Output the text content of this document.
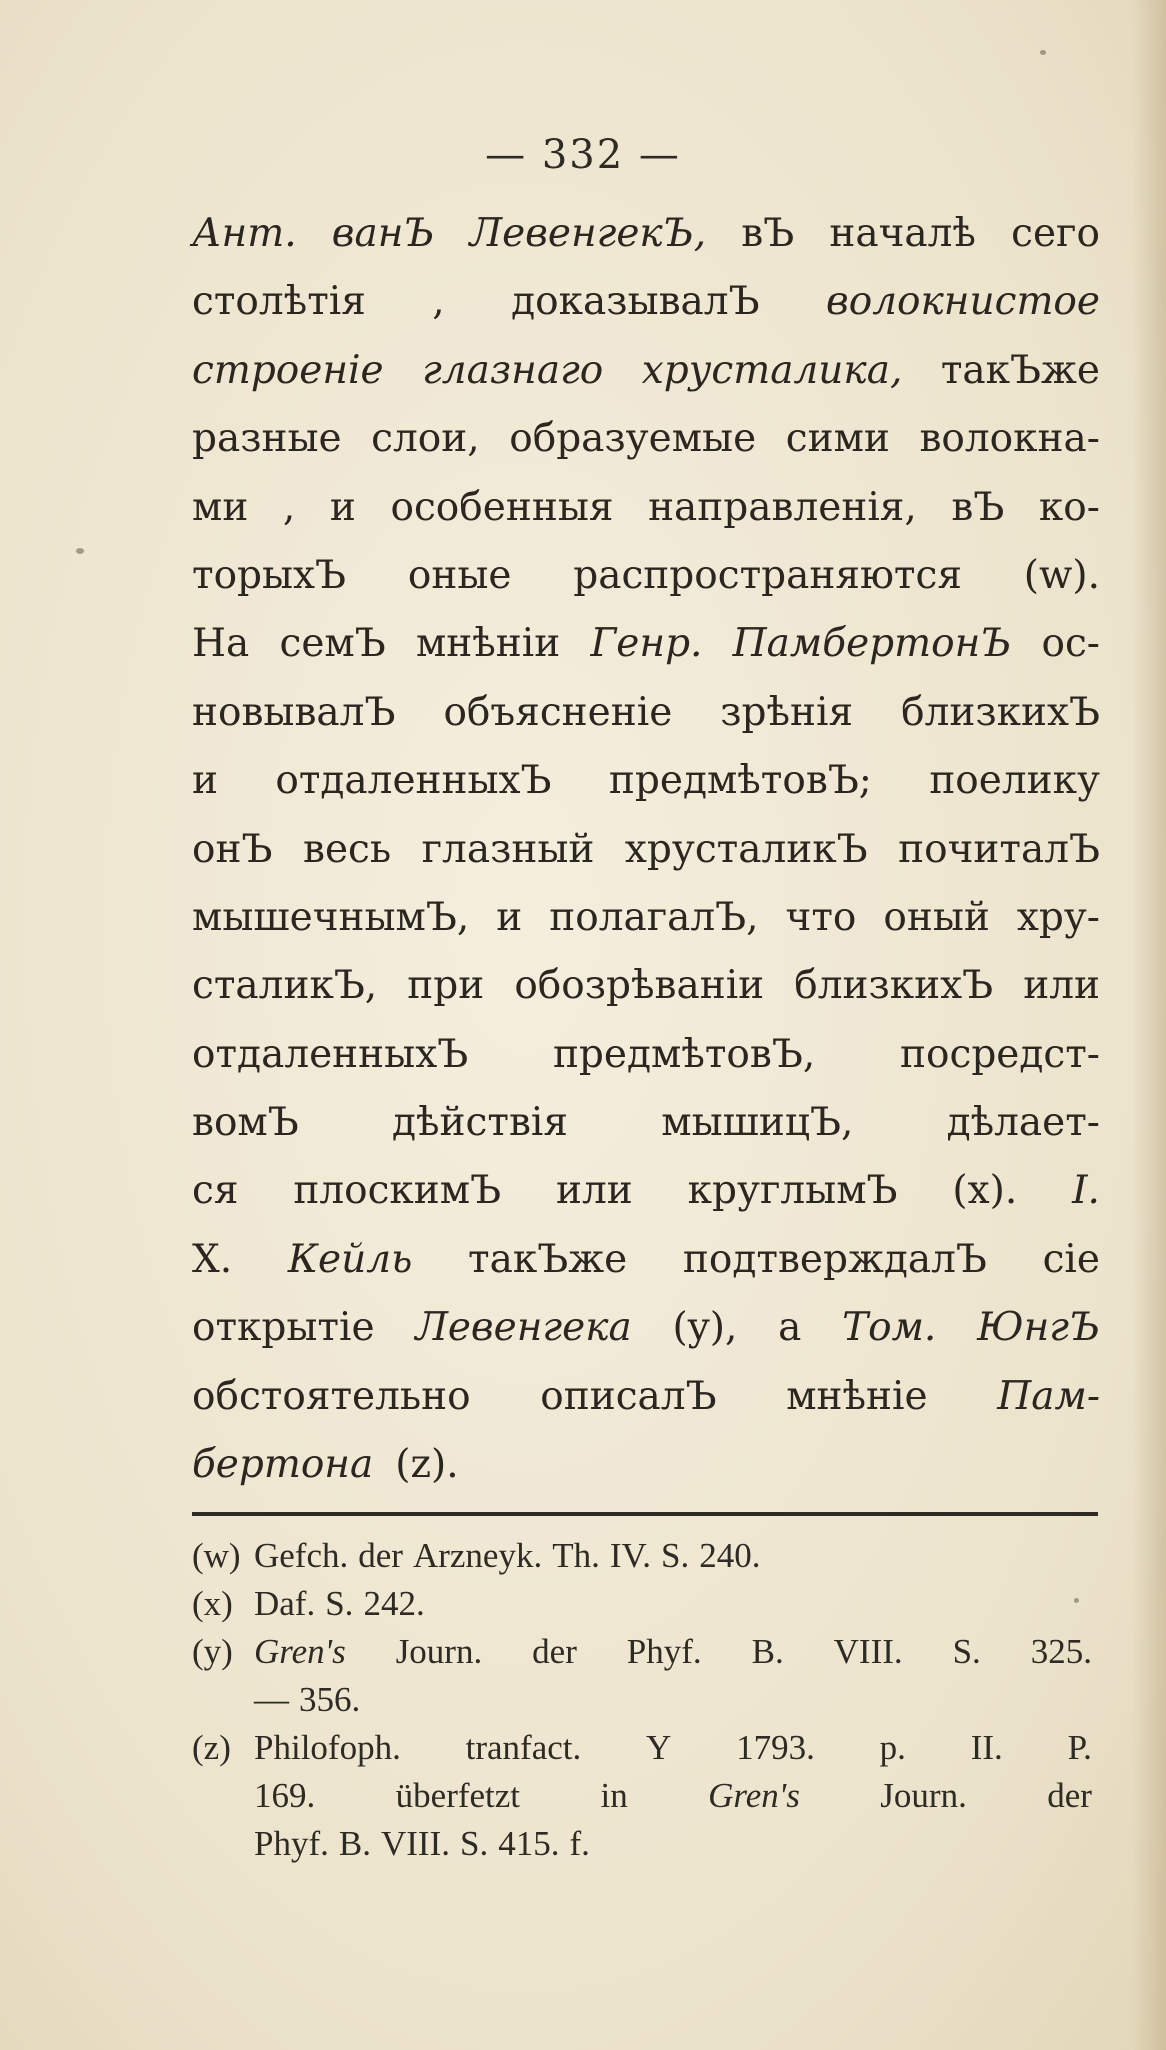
— 332 —
Ант. ванЪ ЛевенгекЪ, вЪ началѣ сего
столѣтія , доказывалЪ волокнистое
строеніе глазнаго хрусталика, такЪже
разные слои, образуемые сими волокна-
ми , и особенныя направленія, вЪ ко-
торыхЪ оные распространяются (w).
На семЪ мнѣніи Генр. ПамбертонЪ ос-
новывалЪ объясненіе зрѣнія близкихЪ
и отдаленныхЪ предмѣтовЪ; поелику
онЪ весь глазный хрусталикЪ почиталЪ
мышечнымЪ, и полагалЪ, что оный хру-
сталикЪ, при обозрѣваніи близкихЪ или
отдаленныхЪ предмѣтовЪ, посредст-
вомЪ дѣйствія мышицЪ, дѣлает-
ся плоскимЪ или круглымЪ (x). I.
X. Кейль такЪже подтверждалЪ сіе
открытіе Левенгека (y), а Том. ЮнгЪ
обстоятельно описалЪ мнѣніе Пам-
бертона (z).
(w) Gefch. der Arzneyk. Th. IV. S. 240.
(x) Daf. S. 242.
(y) Gren's Journ. der Phyf. B. VIII. S. 325.
— 356.
(z) Philofoph. tranfact. Y 1793. p. II. P.
169. überfetzt in Gren's Journ. der
Phyf. B. VIII. S. 415. f.
